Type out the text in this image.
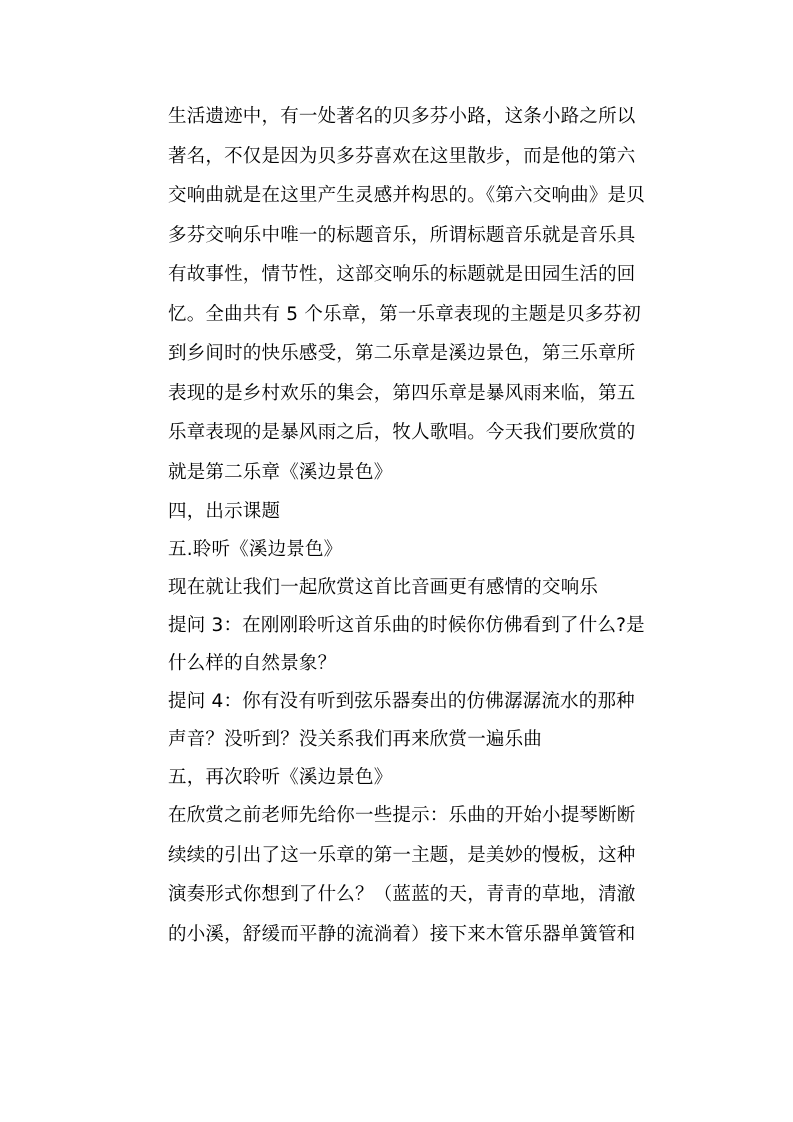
生活遗迹中，有一处著名的贝多芬小路，这条小路之所以
著名，不仅是因为贝多芬喜欢在这里散步，而是他的第六
交响曲就是在这里产生灵感并构思的。《第六交响曲》是贝
多芬交响乐中唯一的标题音乐，所谓标题音乐就是音乐具
有故事性，情节性，这部交响乐的标题就是田园生活的回
忆。全曲共有 5 个乐章，第一乐章表现的主题是贝多芬初
到乡间时的快乐感受，第二乐章是溪边景色，第三乐章所
表现的是乡村欢乐的集会，第四乐章是暴风雨来临，第五
乐章表现的是暴风雨之后，牧人歌唱。今天我们要欣赏的
就是第二乐章《溪边景色》

四，出示课题

五.聆听《溪边景色》

现在就让我们一起欣赏这首比音画更有感情的交响乐

提问 3：在刚刚聆听这首乐曲的时候你仿佛看到了什么?是
什么样的自然景象？

提问 4：你有没有听到弦乐器奏出的仿佛潺潺流水的那种
声音？没听到？没关系我们再来欣赏一遍乐曲

五，再次聆听《溪边景色》

在欣赏之前老师先给你一些提示：乐曲的开始小提琴断断
续续的引出了这一乐章的第一主题，是美妙的慢板，这种
演奏形式你想到了什么？（蓝蓝的天，青青的草地，清澈
的小溪，舒缓而平静的流淌着）接下来木管乐器单簧管和
